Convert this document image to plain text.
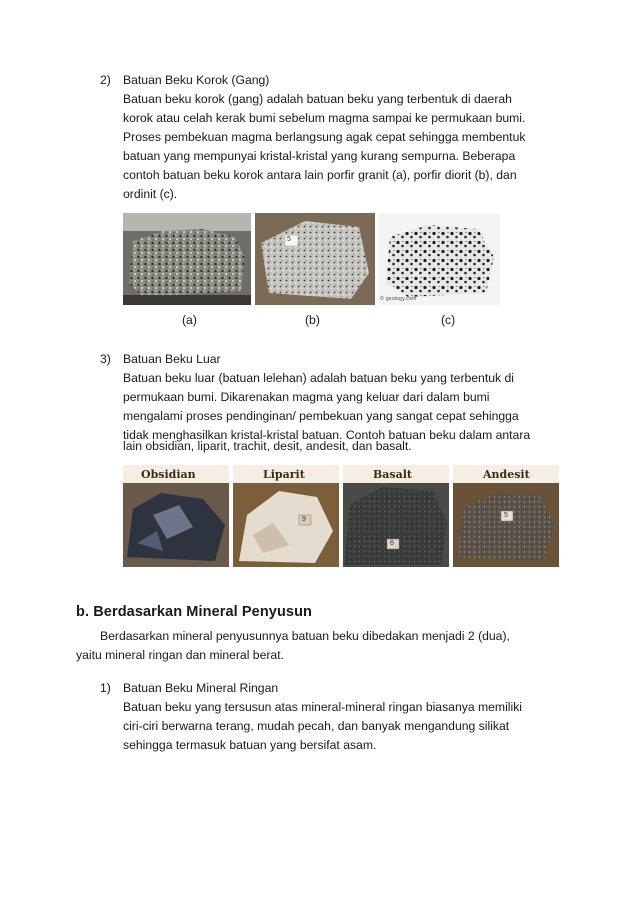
2) Batuan Beku Korok (Gang)
Batuan beku korok (gang) adalah batuan beku yang terbentuk di daerah
korok atau celah kerak bumi sebelum magma sampai ke permukaan bumi.
Proses pembekuan magma berlangsung agak cepat sehingga membentuk
batuan yang mempunyai kristal-kristal yang kurang sempurna. Beberapa
contoh batuan beku korok antara lain porfir granit (a), porfir diorit (b), dan
ordinit (c).
5
© geology.com
(a)	(b)	(c)
3) Batuan Beku Luar
Batuan beku luar (batuan lelehan) adalah batuan beku yang terbentuk di
permukaan bumi. Dikarenakan magma yang keluar dari dalam bumi
mengalami proses pendinginan/ pembekuan yang sangat cepat sehingga
tidak menghasilkan kristal-kristal batuan. Contoh batuan beku dalam antara
lain obsidian, liparit, trachit, desit, andesit, dan basalt.
Obsidian	Liparit
9
Basalt
6
Andesit
5
b. Berdasarkan Mineral Penyusun
Berdasarkan mineral penyusunnya batuan beku dibedakan menjadi 2 (dua),
yaitu mineral ringan dan mineral berat.
1) Batuan Beku Mineral Ringan
Batuan beku yang tersusun atas mineral-mineral ringan biasanya memiliki
ciri-ciri berwarna terang, mudah pecah, dan banyak mengandung silikat
sehingga termasuk batuan yang bersifat asam.
